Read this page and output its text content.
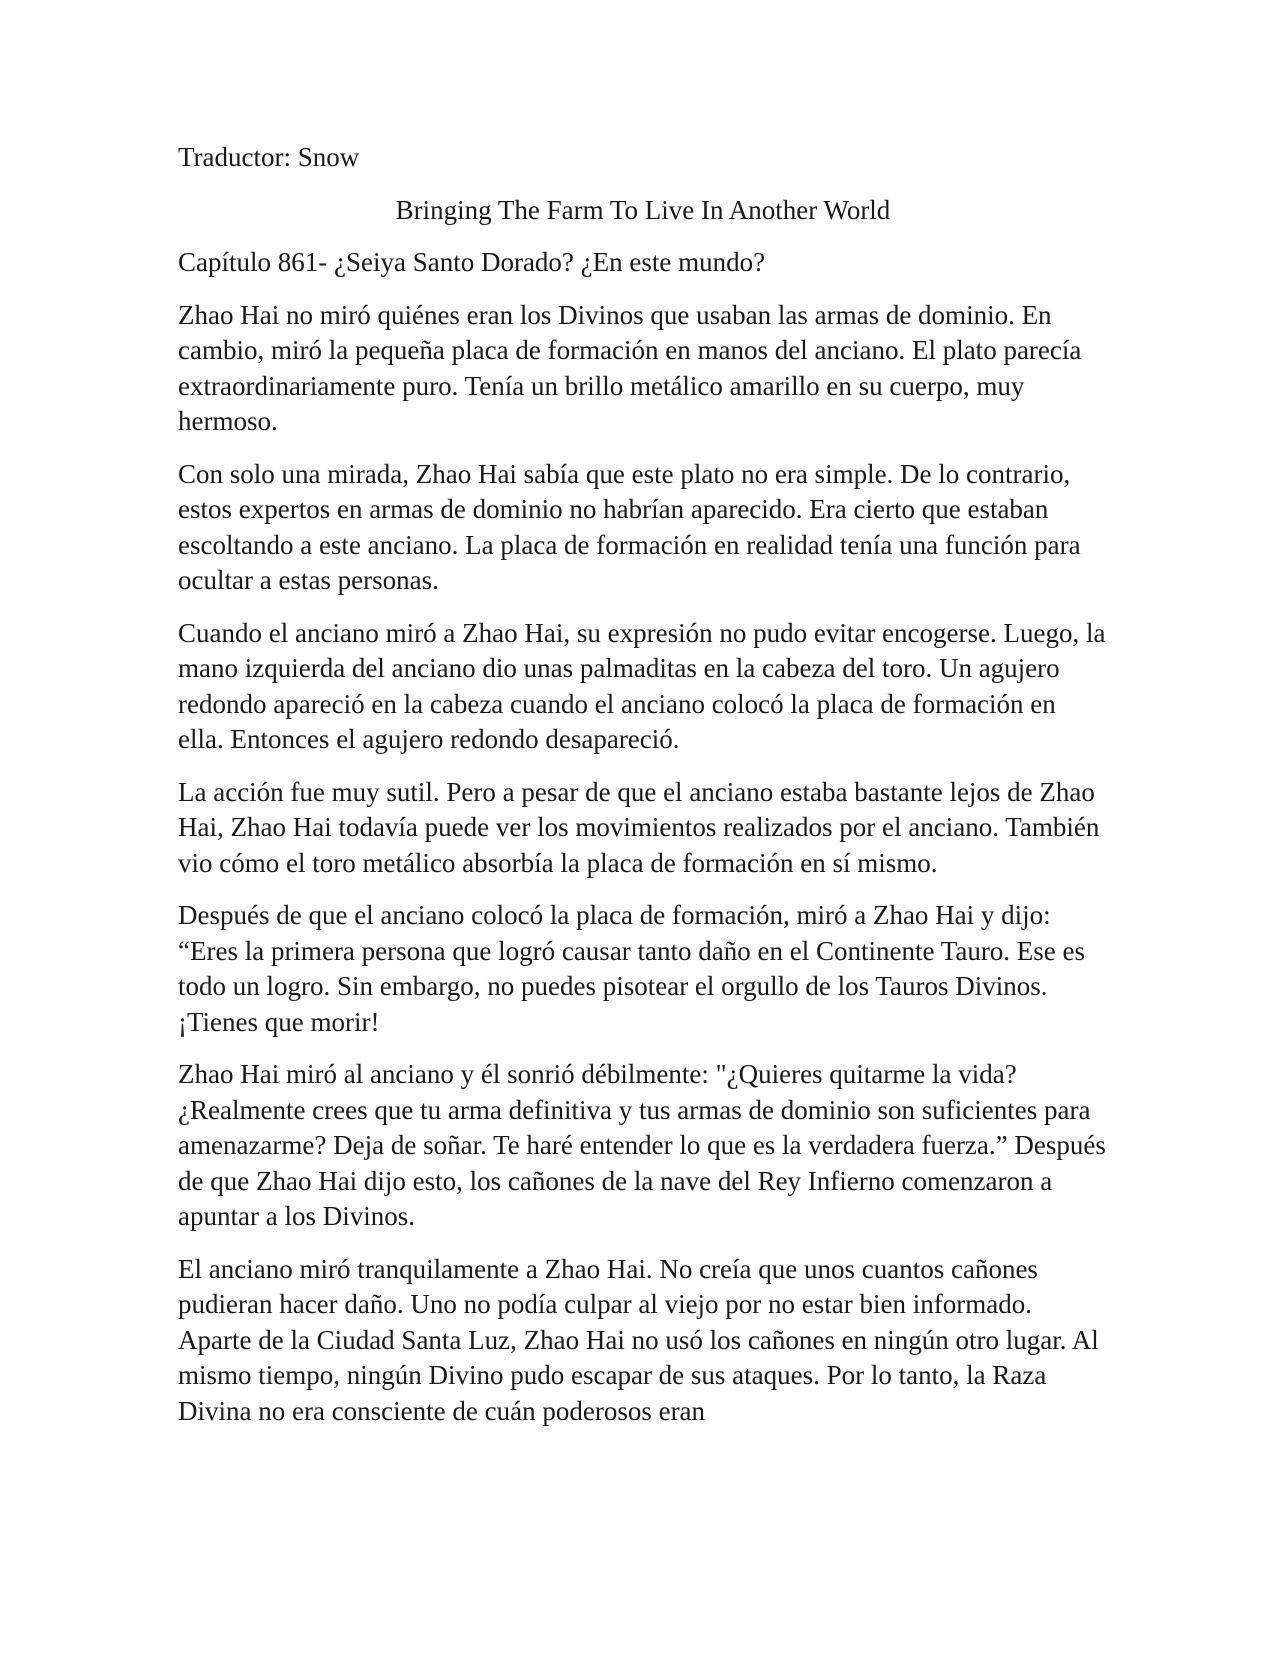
Traductor: Snow

Bringing The Farm To Live In Another World

Capítulo 861- ¿Seiya Santo Dorado? ¿En este mundo?

Zhao Hai no miró quiénes eran los Divinos que usaban las armas de dominio. En cambio, miró la pequeña placa de formación en manos del anciano. El plato parecía extraordinariamente puro. Tenía un brillo metálico amarillo en su cuerpo, muy hermoso.

Con solo una mirada, Zhao Hai sabía que este plato no era simple. De lo contrario, estos expertos en armas de dominio no habrían aparecido. Era cierto que estaban escoltando a este anciano. La placa de formación en realidad tenía una función para ocultar a estas personas.

Cuando el anciano miró a Zhao Hai, su expresión no pudo evitar encogerse. Luego, la mano izquierda del anciano dio unas palmaditas en la cabeza del toro. Un agujero redondo apareció en la cabeza cuando el anciano colocó la placa de formación en ella. Entonces el agujero redondo desapareció.

La acción fue muy sutil. Pero a pesar de que el anciano estaba bastante lejos de Zhao Hai, Zhao Hai todavía puede ver los movimientos realizados por el anciano. También vio cómo el toro metálico absorbía la placa de formación en sí mismo.

Después de que el anciano colocó la placa de formación, miró a Zhao Hai y dijo: “Eres la primera persona que logró causar tanto daño en el Continente Tauro. Ese es todo un logro. Sin embargo, no puedes pisotear el orgullo de los Tauros Divinos. ¡Tienes que morir!

Zhao Hai miró al anciano y él sonrió débilmente: "¿Quieres quitarme la vida? ¿Realmente crees que tu arma definitiva y tus armas de dominio son suficientes para amenazarme? Deja de soñar. Te haré entender lo que es la verdadera fuerza.” Después de que Zhao Hai dijo esto, los cañones de la nave del Rey Infierno comenzaron a apuntar a los Divinos.

El anciano miró tranquilamente a Zhao Hai. No creía que unos cuantos cañones pudieran hacer daño. Uno no podía culpar al viejo por no estar bien informado. Aparte de la Ciudad Santa Luz, Zhao Hai no usó los cañones en ningún otro lugar. Al mismo tiempo, ningún Divino pudo escapar de sus ataques. Por lo tanto, la Raza Divina no era consciente de cuán poderosos eran
